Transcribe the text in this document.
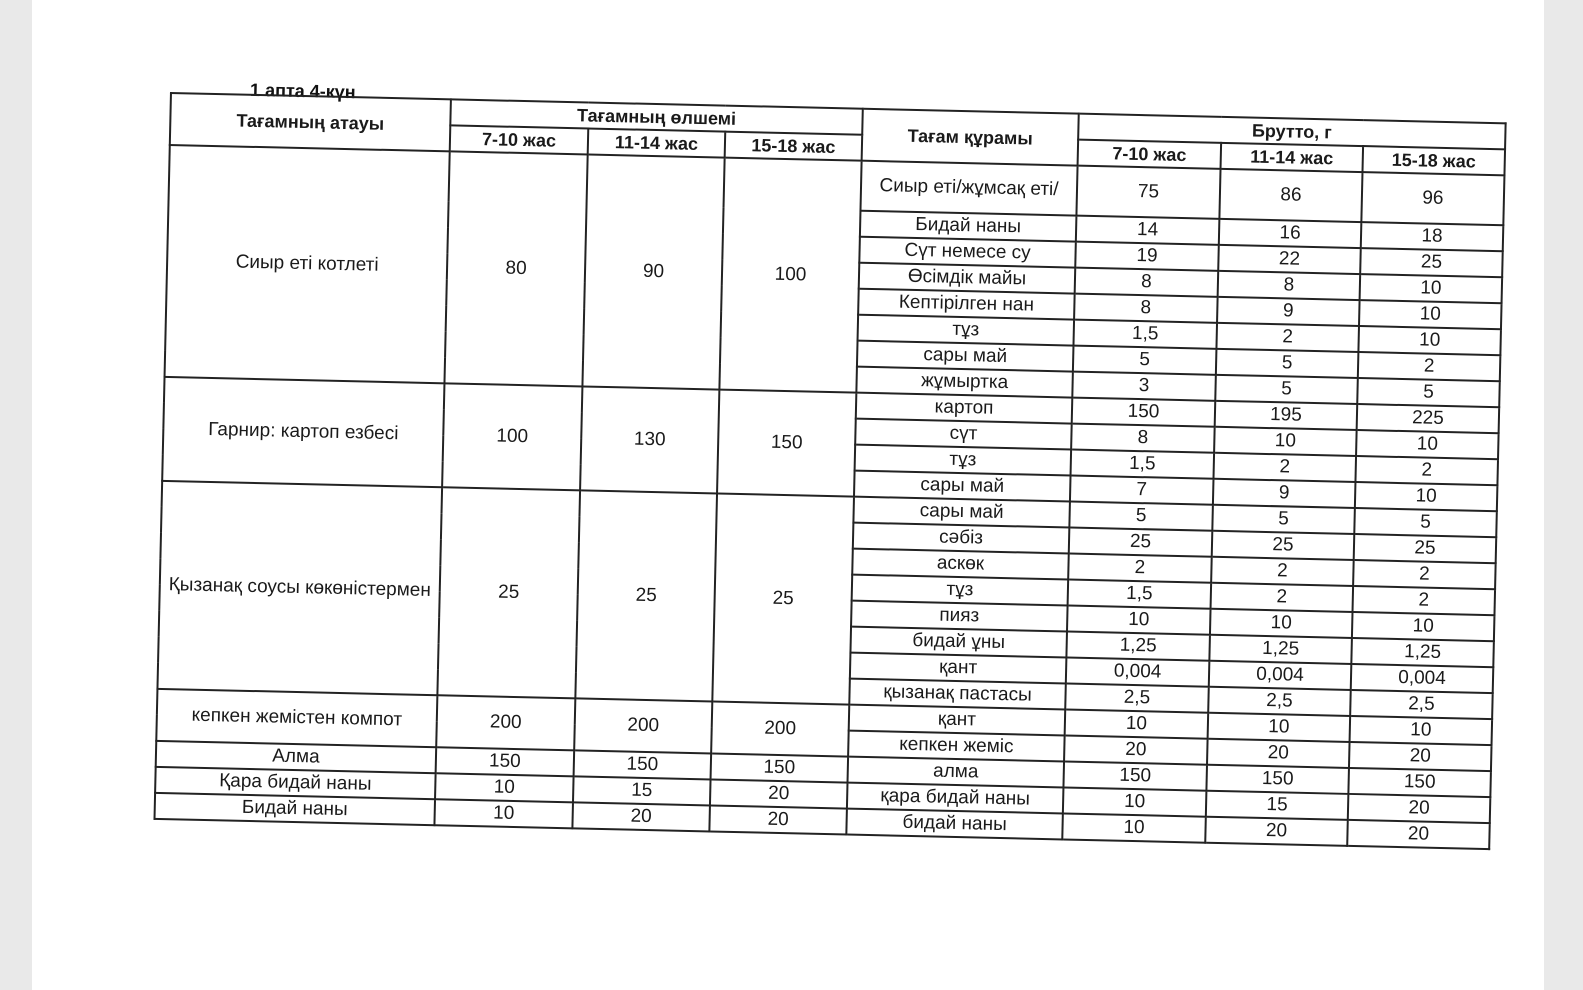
1 апта 4-күн
Тағамның атауы	Тағамның өлшемі			Тағам құрамы	Брутто, г		
	7-10 жас	11-14 жас	15-18 жас		7-10 жас	11-14 жас	15-18 жас
Сиыр еті котлеті	80	90	100	Сиыр еті/жұмсақ еті/	75	86	96
				Бидай наны	14	16	18
				Сүт немесе су	19	22	25
				Өсімдік майы	8	8	10
				Кептірілген нан	8	9	10
				тұз	1,5	2	10
				сары май	5	5	2
				жұмыртка	3	5	5
Гарнир: картоп езбесі	100	130	150	картоп	150	195	225
				сүт	8	10	10
				тұз	1,5	2	2
				сары май	7	9	10
Қызанақ соусы көкөністермен	25	25	25	сары май	5	5	5
				сәбіз	25	25	25
				аскөк	2	2	2
				тұз	1,5	2	2
				пияз	10	10	10
				бидай ұны	1,25	1,25	1,25
				қант	0,004	0,004	0,004
				қызанақ пастасы	2,5	2,5	2,5
кепкен жемістен компот	200	200	200	қант	10	10	10
				кепкен жеміс	20	20	20
Алма	150	150	150	алма	150	150	150
Қара бидай наны	10	15	20	қара бидай наны	10	15	20
Бидай наны	10	20	20	бидай наны	10	20	20
